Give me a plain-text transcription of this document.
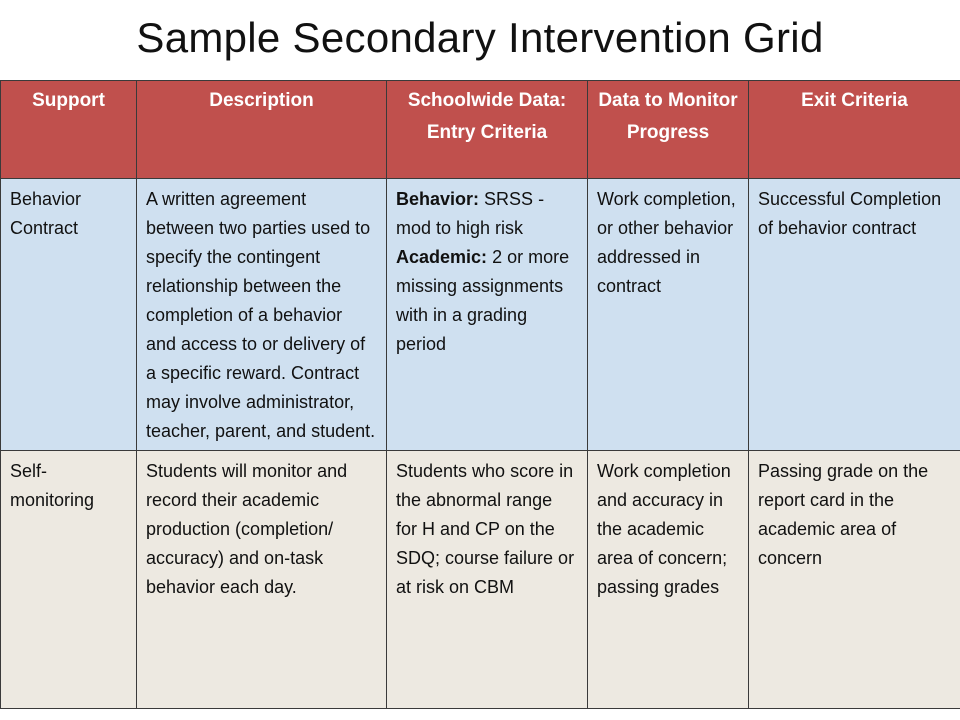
Sample Secondary Intervention Grid
Support	Description	Schoolwide Data: Entry Criteria	Data to Monitor Progress	Exit Criteria
Behavior Contract	A written agreement between two parties used to specify the contingent relationship between the completion of a behavior and access to or delivery of a specific reward. Contract may involve administrator, teacher, parent, and student.	Behavior: SRSS - mod to high risk Academic: 2 or more missing assignments with in a grading period	Work completion, or other behavior addressed in contract	Successful Completion of behavior contract
Self-monitoring	Students will monitor and record their academic production (completion/ accuracy) and on-task behavior each day.	Students who score in the abnormal range for H and CP on the SDQ; course failure or at risk on CBM	Work completion and accuracy in the academic area of concern; passing grades	Passing grade on the report card in the academic area of concern
